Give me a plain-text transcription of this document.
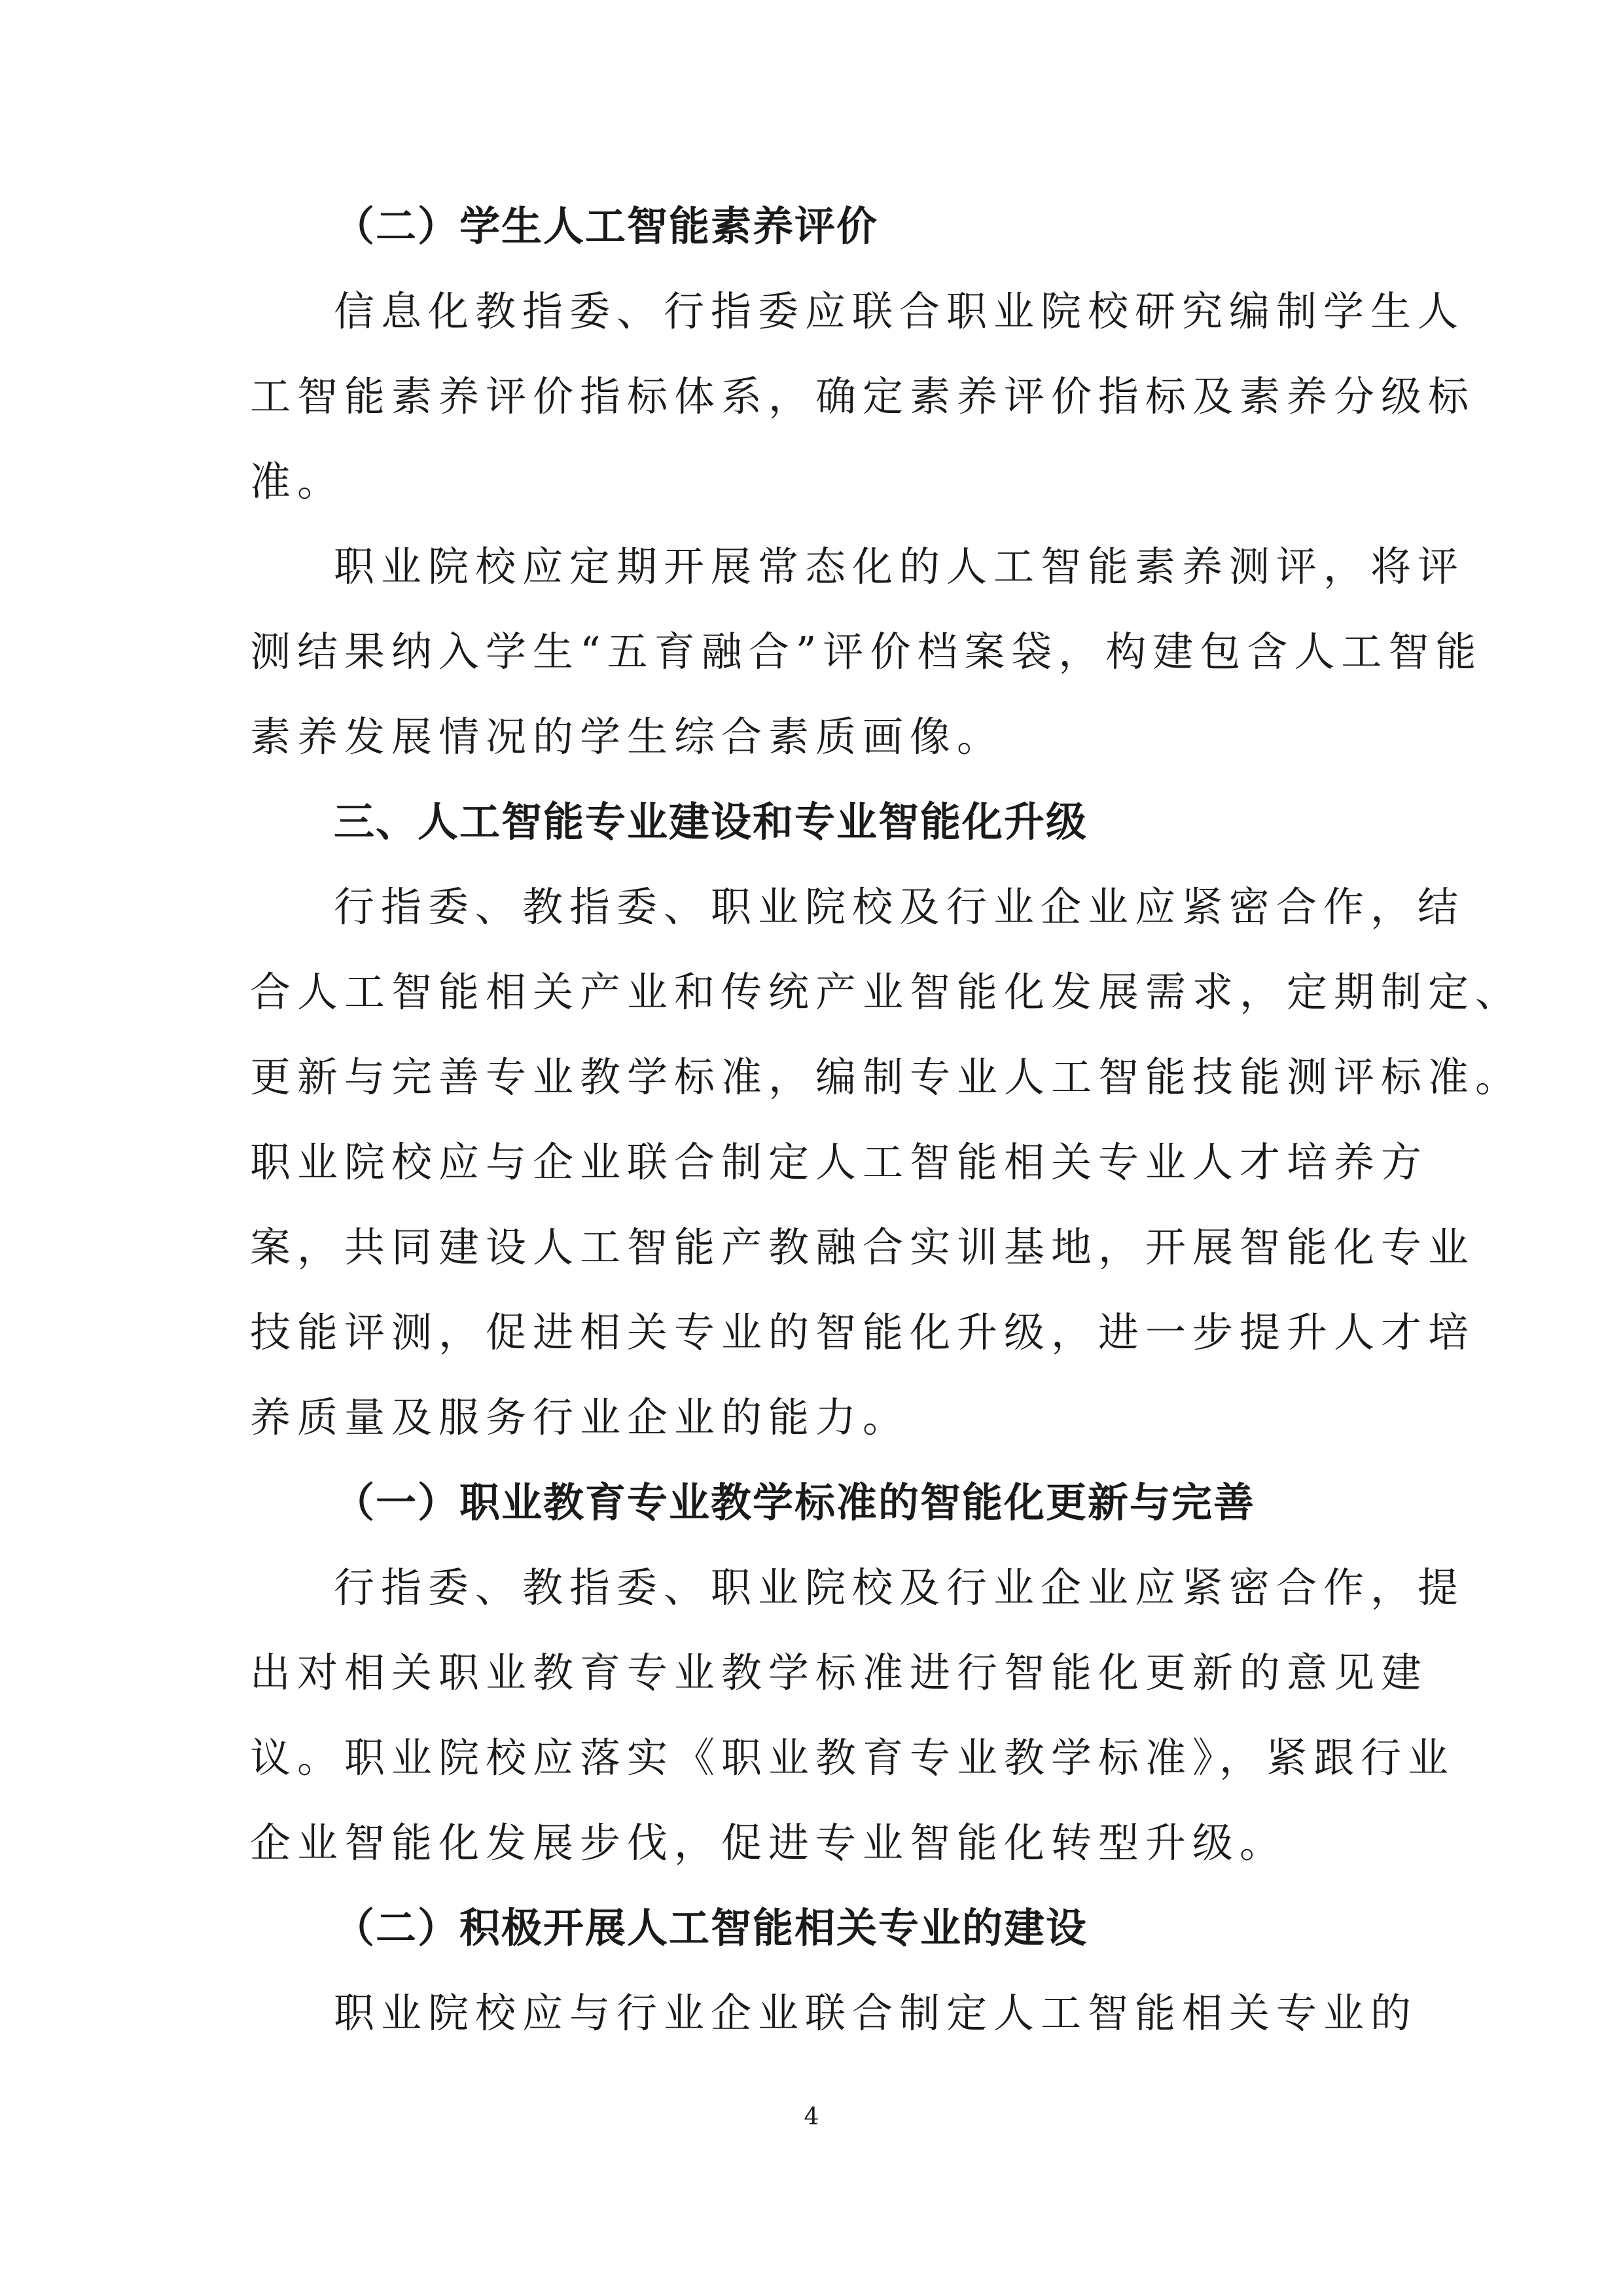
（二）学生人工智能素养评价
信息化教指委、行指委应联合职业院校研究编制学生人
工智能素养评价指标体系，确定素养评价指标及素养分级标
准。
职业院校应定期开展常态化的人工智能素养测评，将评
测结果纳入学生“五育融合”评价档案袋，构建包含人工智能
素养发展情况的学生综合素质画像。
三、人工智能专业建设和专业智能化升级
行指委、教指委、职业院校及行业企业应紧密合作，结
合人工智能相关产业和传统产业智能化发展需求，定期制定、
更新与完善专业教学标准，编制专业人工智能技能测评标准。
职业院校应与企业联合制定人工智能相关专业人才培养方
案，共同建设人工智能产教融合实训基地，开展智能化专业
技能评测，促进相关专业的智能化升级，进一步提升人才培
养质量及服务行业企业的能力。
（一）职业教育专业教学标准的智能化更新与完善
行指委、教指委、职业院校及行业企业应紧密合作，提
出对相关职业教育专业教学标准进行智能化更新的意见建
议。职业院校应落实《职业教育专业教学标准》，紧跟行业
企业智能化发展步伐，促进专业智能化转型升级。
（二）积极开展人工智能相关专业的建设
职业院校应与行业企业联合制定人工智能相关专业的
4
